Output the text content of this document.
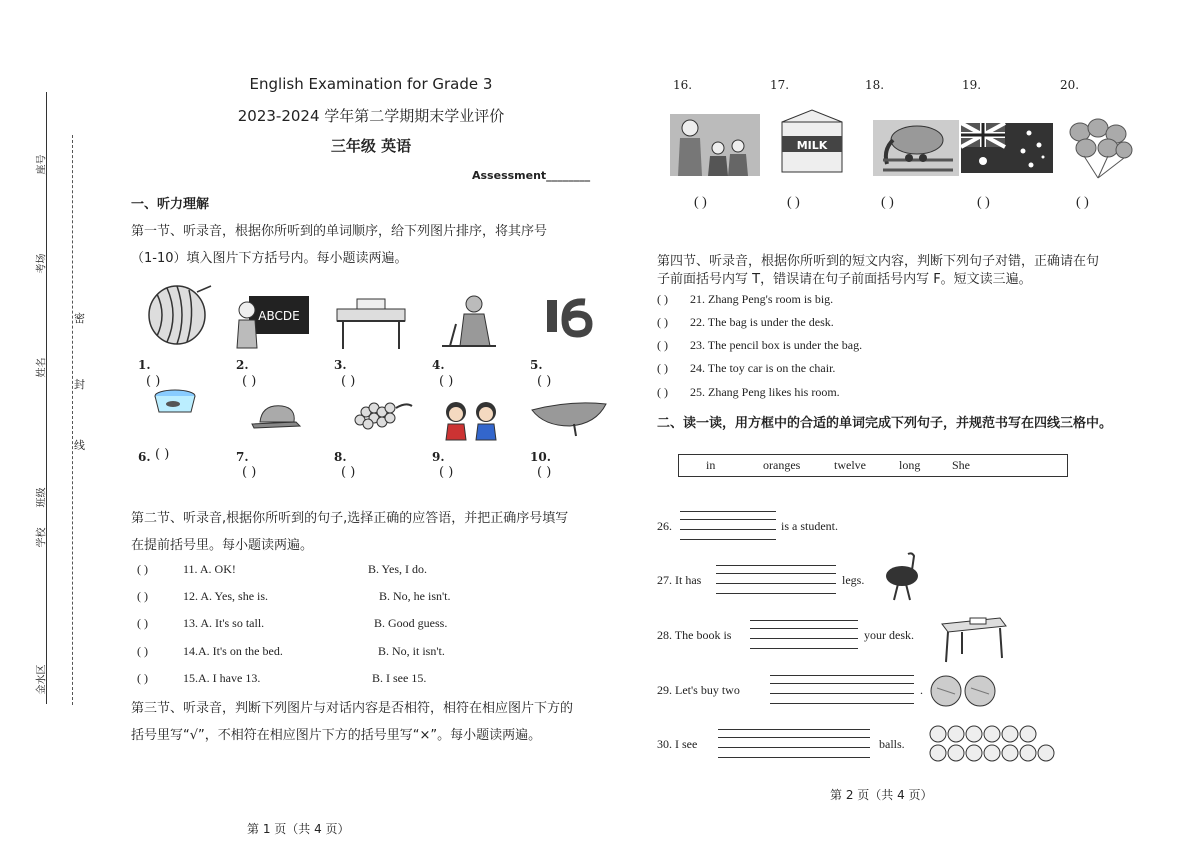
座号
考场
姓名
班级
学校
金水区
密
封
线
English Examination for Grade 3
2023-2024 学年第二学期期末学业评价
三年级 英语
Assessment________
一、听力理解
第一节、听录音，根据你所听到的单词顺序，给下列图片排序，将其序号
（1-10）填入图片下方括号内。每小题读两遍。
ABCDE
1.	2.	3.	4.	5.
( )	( )	( )	( )	( )
6. ( )	7.	8.	9.	10.
( )	( )	( )	( )
第二节、听录音,根据你所听到的句子,选择正确的应答语，并把正确序号填写
在提前括号里。每小题读两遍。
( )	11. A. OK!	B. Yes, I do.
( )	12. A. Yes, she is.	B. No, he isn't.
( )	13. A. It's so tall.	B. Good guess.
( )	14.A. It's on the bed.	B. No, it isn't.
( )	15.A. I have 13.	B. I see 15.
第三节、听录音，判断下列图片与对话内容是否相符，相符在相应图片下方的
括号里写“√”，不相符在相应图片下方的括号里写“×”。每小题读两遍。
第 1 页（共 4 页）
16.	17.	18.	19.	20.
MILK
( )	( )	( )	( )	( )
第四节、听录音，根据你所听到的短文内容，判断下列句子对错，正确请在句
子前面括号内写 T，错误请在句子前面括号内写 F。短文读三遍。
( ) 21. Zhang Peng's room is big.
( ) 22. The bag is under the desk.
( ) 23. The pencil box is under the bag.
( ) 24. The toy car is on the chair.
( ) 25. Zhang Peng likes his room.
二、读一读，用方框中的合适的单词完成下列句子，并规范书写在四线三格中。
in	oranges	twelve	long	She
26.	is a student.
27. It has	legs.
28. The book is	your desk.
29. Let's buy two	.
30. I see	balls.
第 2 页（共 4 页）
